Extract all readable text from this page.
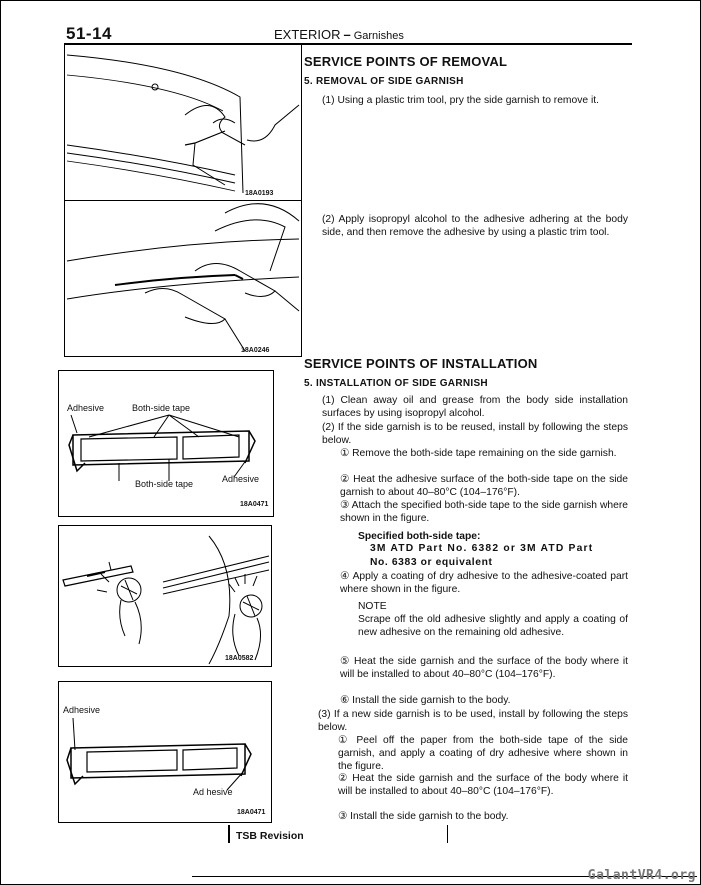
51-14	EXTERIOR – Garnishes
18A0193
18A0246
Adhesive	Both-side tape
Both-side tape	Adhesive
18A0471
18A0582
Adhesive
Ad hesive
18A0471
SERVICE POINTS OF REMOVAL
5. REMOVAL OF SIDE GARNISH
(1) Using a plastic trim tool, pry the side garnish to remove it.
(2) Apply isopropyl alcohol to the adhesive adhering at the body side, and then remove the adhesive by using a plastic trim tool.
SERVICE POINTS OF INSTALLATION
5. INSTALLATION OF SIDE GARNISH
(1) Clean away oil and grease from the body side installation surfaces by using isopropyl alcohol.
(2) If the side garnish is to be reused, install by following the steps below.
① Remove the both-side tape remaining on the side garnish.
② Heat the adhesive surface of the both-side tape on the side garnish to about 40–80°C (104–176°F).
③ Attach the specified both-side tape to the side garnish where shown in the figure.
Specified both-side tape:
3M ATD Part No. 6382 or 3M ATD Part
No. 6383 or equivalent
④ Apply a coating of dry adhesive to the adhesive-coated part where shown in the figure.
NOTE
Scrape off the old adhesive slightly and apply a coating of new adhesive on the remaining old adhesive.
⑤ Heat the side garnish and the surface of the body where it will be installed to about 40–80°C (104–176°F).
⑥ Install the side garnish to the body.
(3) If a new side garnish is to be used, install by following the steps below.
① Peel off the paper from the both-side tape of the side garnish, and apply a coating of dry adhesive where shown in the figure.
② Heat the side garnish and the surface of the body where it will be installed to about 40–80°C (104–176°F).
③ Install the side garnish to the body.
TSB Revision
GalantVR4.org
